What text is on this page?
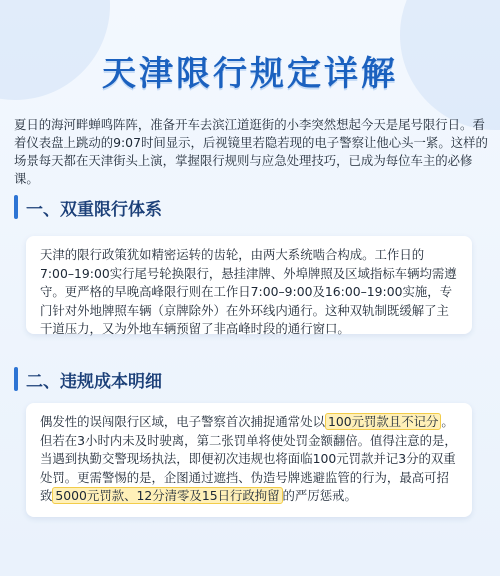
天津限行规定详解
夏日的海河畔蝉鸣阵阵，准备开车去滨江道逛街的小李突然想起今天是尾号限行日。看着仪表盘上跳动的9:07时间显示，后视镜里若隐若现的电子警察让他心头一紧。这样的场景每天都在天津街头上演，掌握限行规则与应急处理技巧，已成为每位车主的必修课。
一、双重限行体系
天津的限行政策犹如精密运转的齿轮，由两大系统啮合构成。工作日的7:00–19:00实行尾号轮换限行，悬挂津牌、外埠牌照及区域指标车辆均需遵守。更严格的早晚高峰限行则在工作日7:00–9:00及16:00–19:00实施，专门针对外地牌照车辆（京牌除外）在外环线内通行。这种双轨制既缓解了主干道压力，又为外地车辆预留了非高峰时段的通行窗口。
二、违规成本明细
偶发性的误闯限行区域，电子警察首次捕捉通常处以 100元罚款且不记分 。但若在3小时内未及时驶离，第二张罚单将使处罚金额翻倍。值得注意的是，当遇到执勤交警现场执法，即便初次违规也将面临100元罚款并记3分的双重处罚。更需警惕的是，企图通过遮挡、伪造号牌逃避监管的行为，最高可招致 5000元罚款、12分清零及15日行政拘留 的严厉惩戒。
